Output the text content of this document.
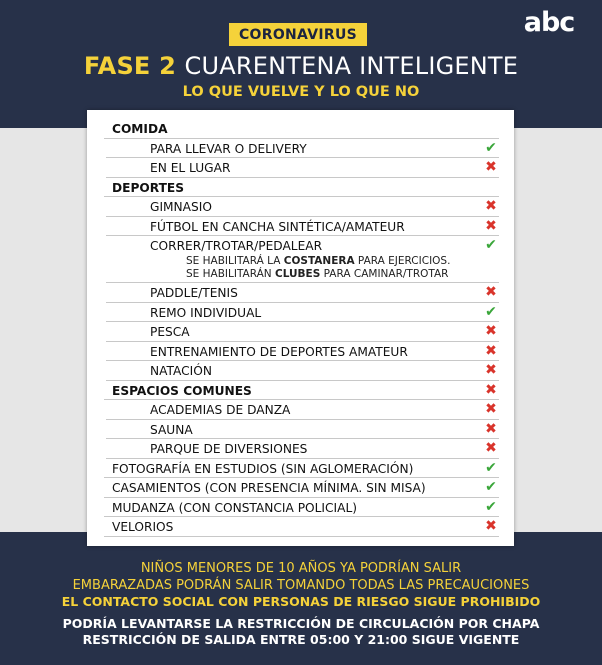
CORONAVIRUS	abc
FASE 2 CUARENTENA INTELIGENTE
LO QUE VUELVE Y LO QUE NO
COMIDA
PARA LLEVAR O DELIVERY	✔
EN EL LUGAR	✖
DEPORTES
GIMNASIO	✖
FÚTBOL EN CANCHA SINTÉTICA/AMATEUR	✖
CORRER/TROTAR/PEDALEAR	✔
SE HABILITARÁ LA COSTANERA PARA EJERCICIOS.
SE HABILITARÁN CLUBES PARA CAMINAR/TROTAR
PADDLE/TENIS	✖
REMO INDIVIDUAL	✔
PESCA	✖
ENTRENAMIENTO DE DEPORTES AMATEUR	✖
NATACIÓN	✖
ESPACIOS COMUNES	✖
ACADEMIAS DE DANZA	✖
SAUNA	✖
PARQUE DE DIVERSIONES	✖
FOTOGRAFÍA EN ESTUDIOS (SIN AGLOMERACIÓN)	✔
CASAMIENTOS (CON PRESENCIA MÍNIMA. SIN MISA)	✔
MUDANZA (CON CONSTANCIA POLICIAL)	✔
VELORIOS	✖
NIÑOS MENORES DE 10 AÑOS YA PODRÍAN SALIR
EMBARAZADAS PODRÁN SALIR TOMANDO TODAS LAS PRECAUCIONES
EL CONTACTO SOCIAL CON PERSONAS DE RIESGO SIGUE PROHIBIDO
PODRÍA LEVANTARSE LA RESTRICCIÓN DE CIRCULACIÓN POR CHAPA
RESTRICCIÓN DE SALIDA ENTRE 05:00 Y 21:00 SIGUE VIGENTE
